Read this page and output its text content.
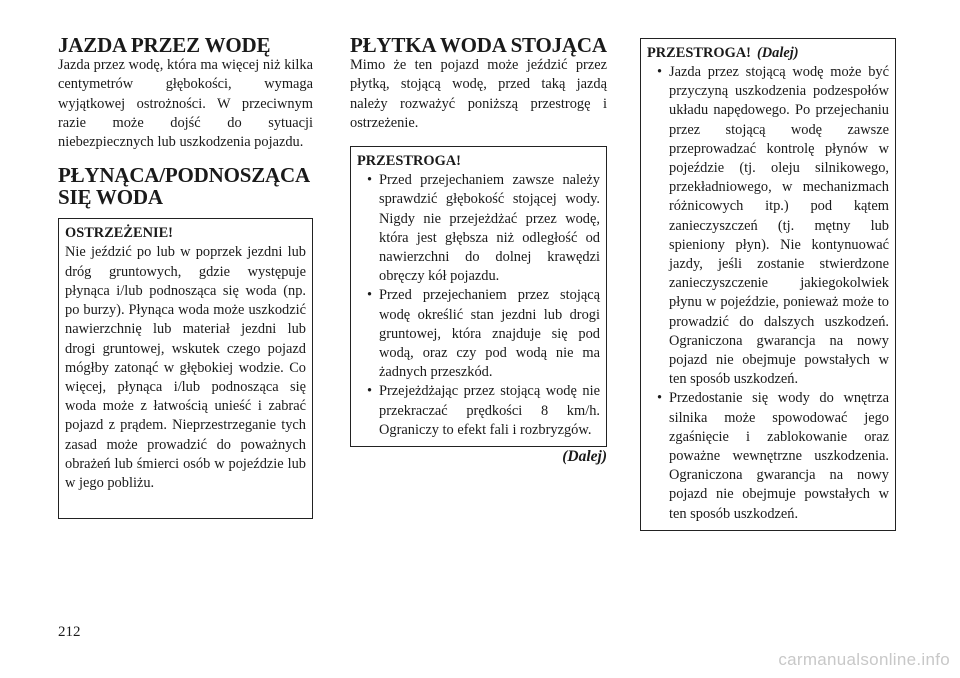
JAZDA PRZEZ WODĘ

Jazda przez wodę, która ma więcej niż kilka centymetrów głębokości, wymaga wyjątkowej ostrożności. W przeciwnym razie może dojść do sytuacji niebezpiecznych lub uszkodzenia pojazdu.

PŁYNĄCA/PODNOSZĄCA
SIĘ WODA
OSTRZEŻENIE!

Nie jeździć po lub w poprzek jezdni lub dróg gruntowych, gdzie występuje płynąca i/lub podnosząca się woda (np. po burzy). Płynąca woda może uszkodzić nawierzchnię lub materiał jezdni lub drogi gruntowej, wskutek czego pojazd mógłby zatonąć w głębokiej wodzie. Co więcej, płynąca i/lub podnosząca się woda może z łatwością unieść i zabrać pojazd z prądem. Nieprzestrzeganie tych zasad może prowadzić do poważnych obrażeń lub śmierci osób w pojeździe lub w jego pobliżu.

PŁYTKA WODA STOJĄCA

Mimo że ten pojazd może jeździć przez płytką, stojącą wodę, przed taką jazdą należy rozważyć poniższą przestrogę i ostrzeżenie.

PRZESTROGA!
• Przed przejechaniem zawsze należy sprawdzić głębokość stojącej wody. Nigdy nie przejeżdżać przez wodę, która jest głębsza niż odległość od nawierzchni do dolnej krawędzi obręczy kół pojazdu.
• Przed przejechaniem przez stojącą wodę określić stan jezdni lub drogi gruntowej, która znajduje się pod wodą, oraz czy pod wodą nie ma żadnych przeszkód.
• Przejeżdżając przez stojącą wodę nie przekraczać prędkości 8 km/h. Ograniczy to efekt fali i rozbryzgów.
(Dalej)
PRZESTROGA! (Dalej)
• Jazda przez stojącą wodę może być przyczyną uszkodzenia podzespołów układu napędowego. Po przejechaniu przez stojącą wodę zawsze przeprowadzać kontrolę płynów w pojeździe (tj. oleju silnikowego, przekładniowego, w mechanizmach różnicowych itp.) pod kątem zanieczyszczeń (tj. mętny lub spieniony płyn). Nie kontynuować jazdy, jeśli zostanie stwierdzone zanieczyszczenie jakiegokolwiek płynu w pojeździe, ponieważ może to prowadzić do dalszych uszkodzeń. Ograniczona gwarancja na nowy pojazd nie obejmuje powstałych w ten sposób uszkodzeń.
• Przedostanie się wody do wnętrza silnika może spowodować jego zgaśnięcie i zablokowanie oraz poważne wewnętrzne uszkodzenia. Ograniczona gwarancja na nowy pojazd nie obejmuje powstałych w ten sposób uszkodzeń.
212
carmanualsonline.info
